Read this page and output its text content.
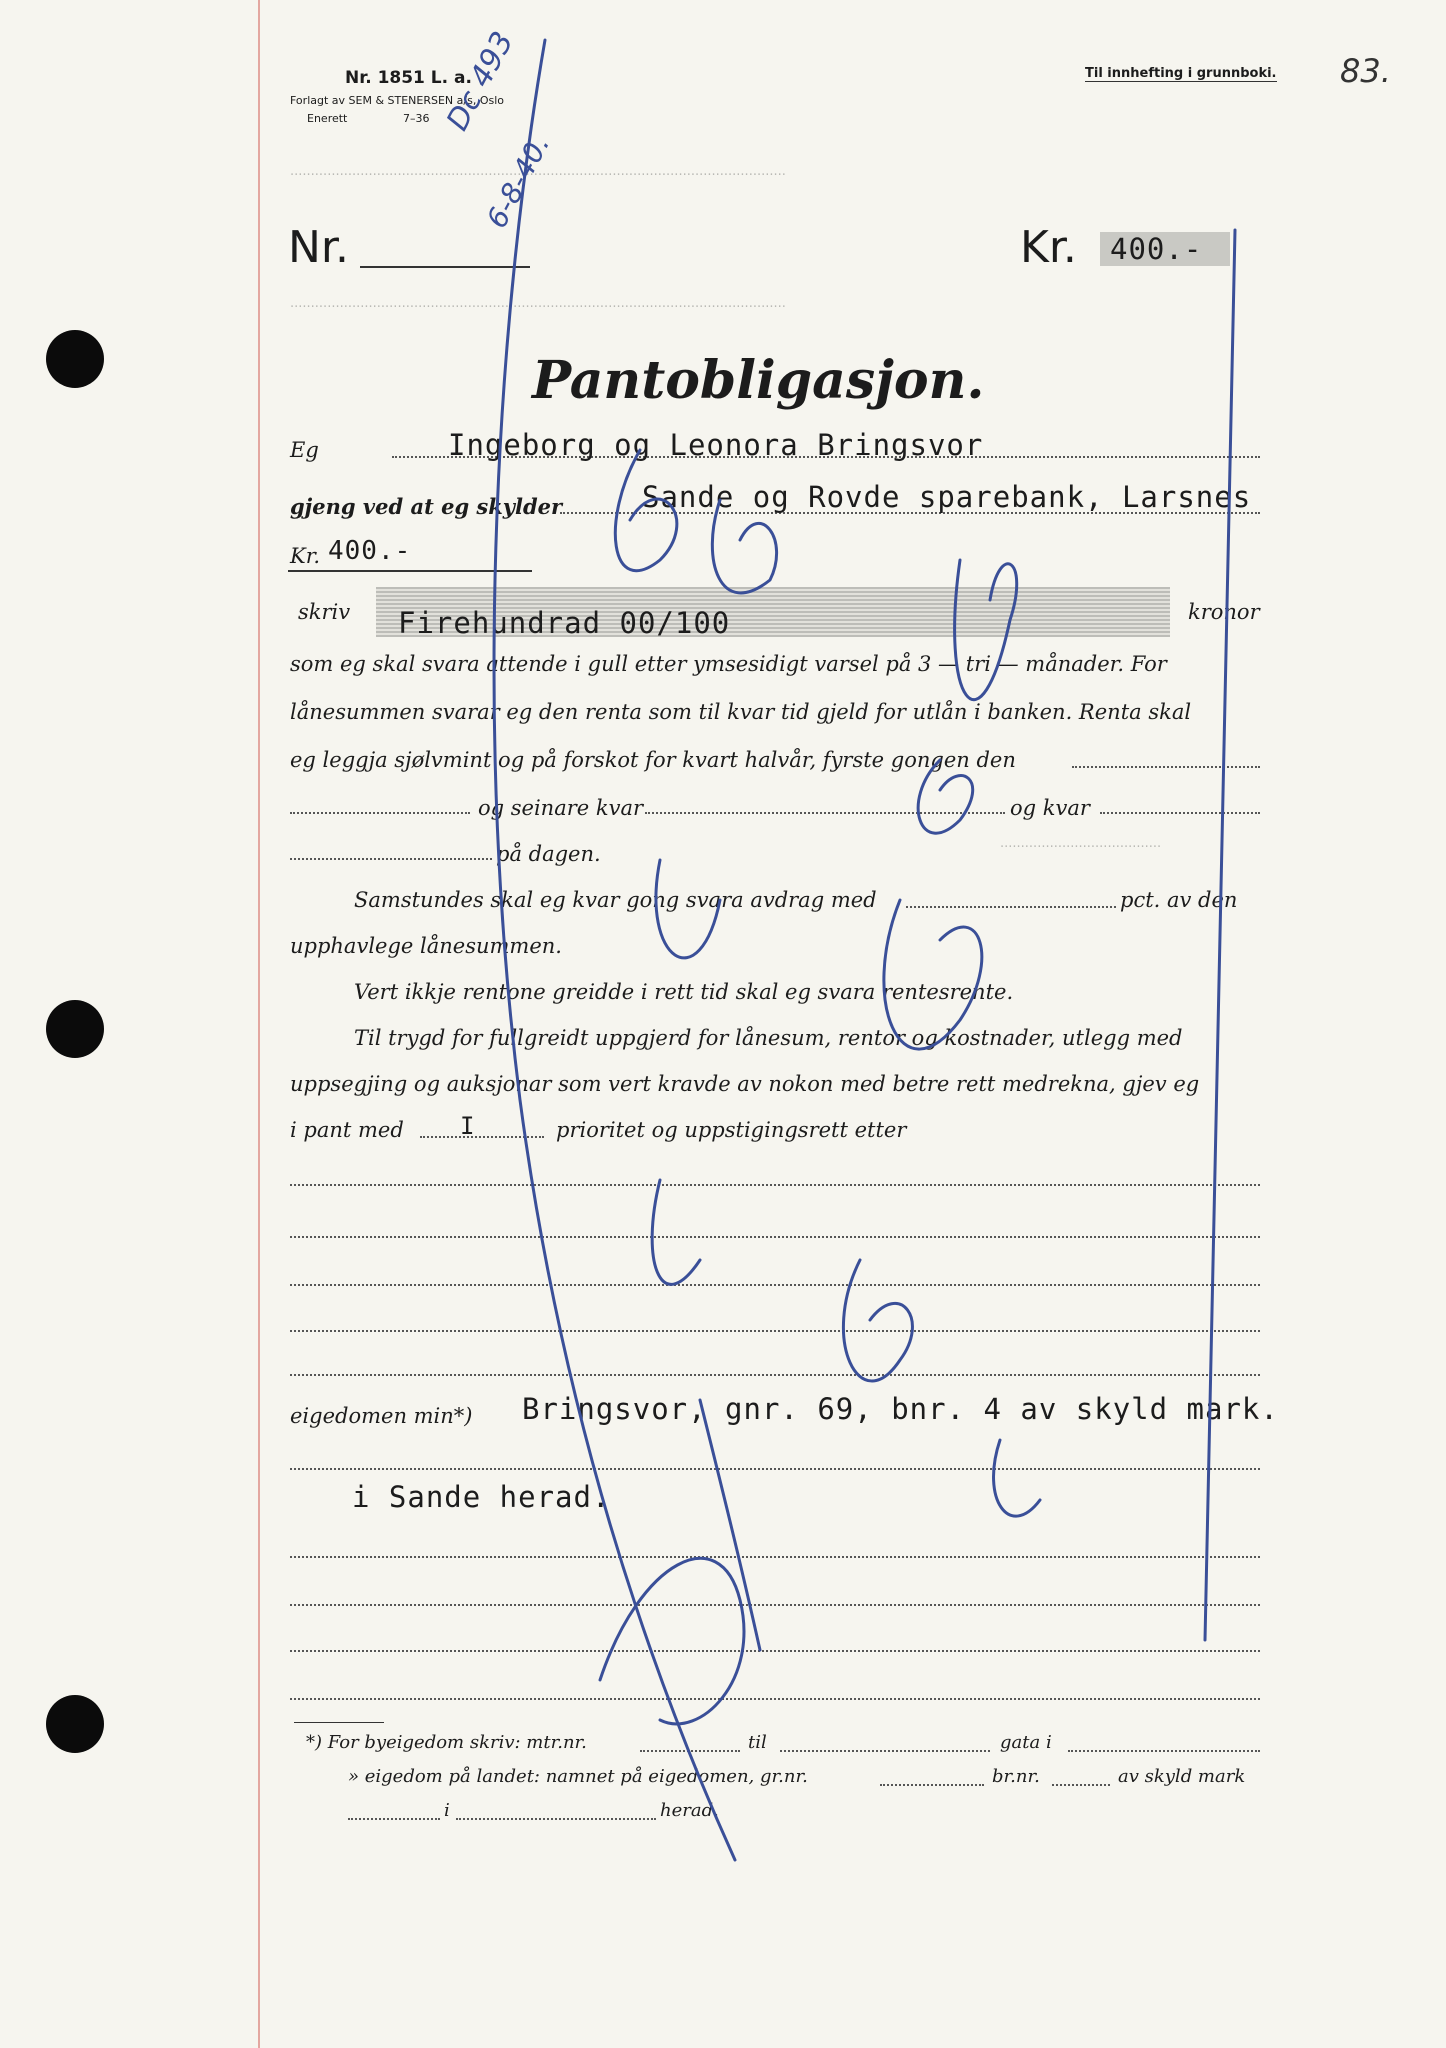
························································································································
························································································································
·······································
Nr. 1851 L. a.
Forlagt av SEM & STENERSEN a/s, Oslo
Enerett	7–36
Til innhefting i grunnboki. 83.
Dc 493
6-8-40.
Nr.	Kr.	400.-
Pantobligasjon.
Eg	Ingeborg og Leonora Bringsvor
gjeng ved at eg skylder	Sande og Rovde sparebank, Larsnes
Kr. 400.-
skriv Firehundrad 00/100	kronor
som eg skal svara attende i gull etter ymsesidigt varsel på 3 — tri — månader. For
lånesummen svarar eg den renta som til kvar tid gjeld for utlån i banken. Renta skal
eg leggja sjølvmint og på forskot for kvart halvår, fyrste gongen den
og seinare kvar	og kvar
på dagen.
Samstundes skal eg kvar gong svara avdrag med	pct. av den
upphavlege lånesummen.
Vert ikkje rentone greidde i rett tid skal eg svara rentesrente.
Til trygd for fullgreidt uppgjerd for lånesum, rentor og kostnader, utlegg med
uppsegjing og auksjonar som vert kravde av nokon med betre rett medrekna, gjev eg
i pant med I	prioritet og uppstigingsrett etter
eigedomen min*) Bringsvor, gnr. 69, bnr. 4 av skyld mark.
i Sande herad.
*) For byeigedom skriv: mtr.nr.	til	gata i
» eigedom på landet: namnet på eigedomen, gr.nr.	br.nr.	av skyld mark
i	herad.
